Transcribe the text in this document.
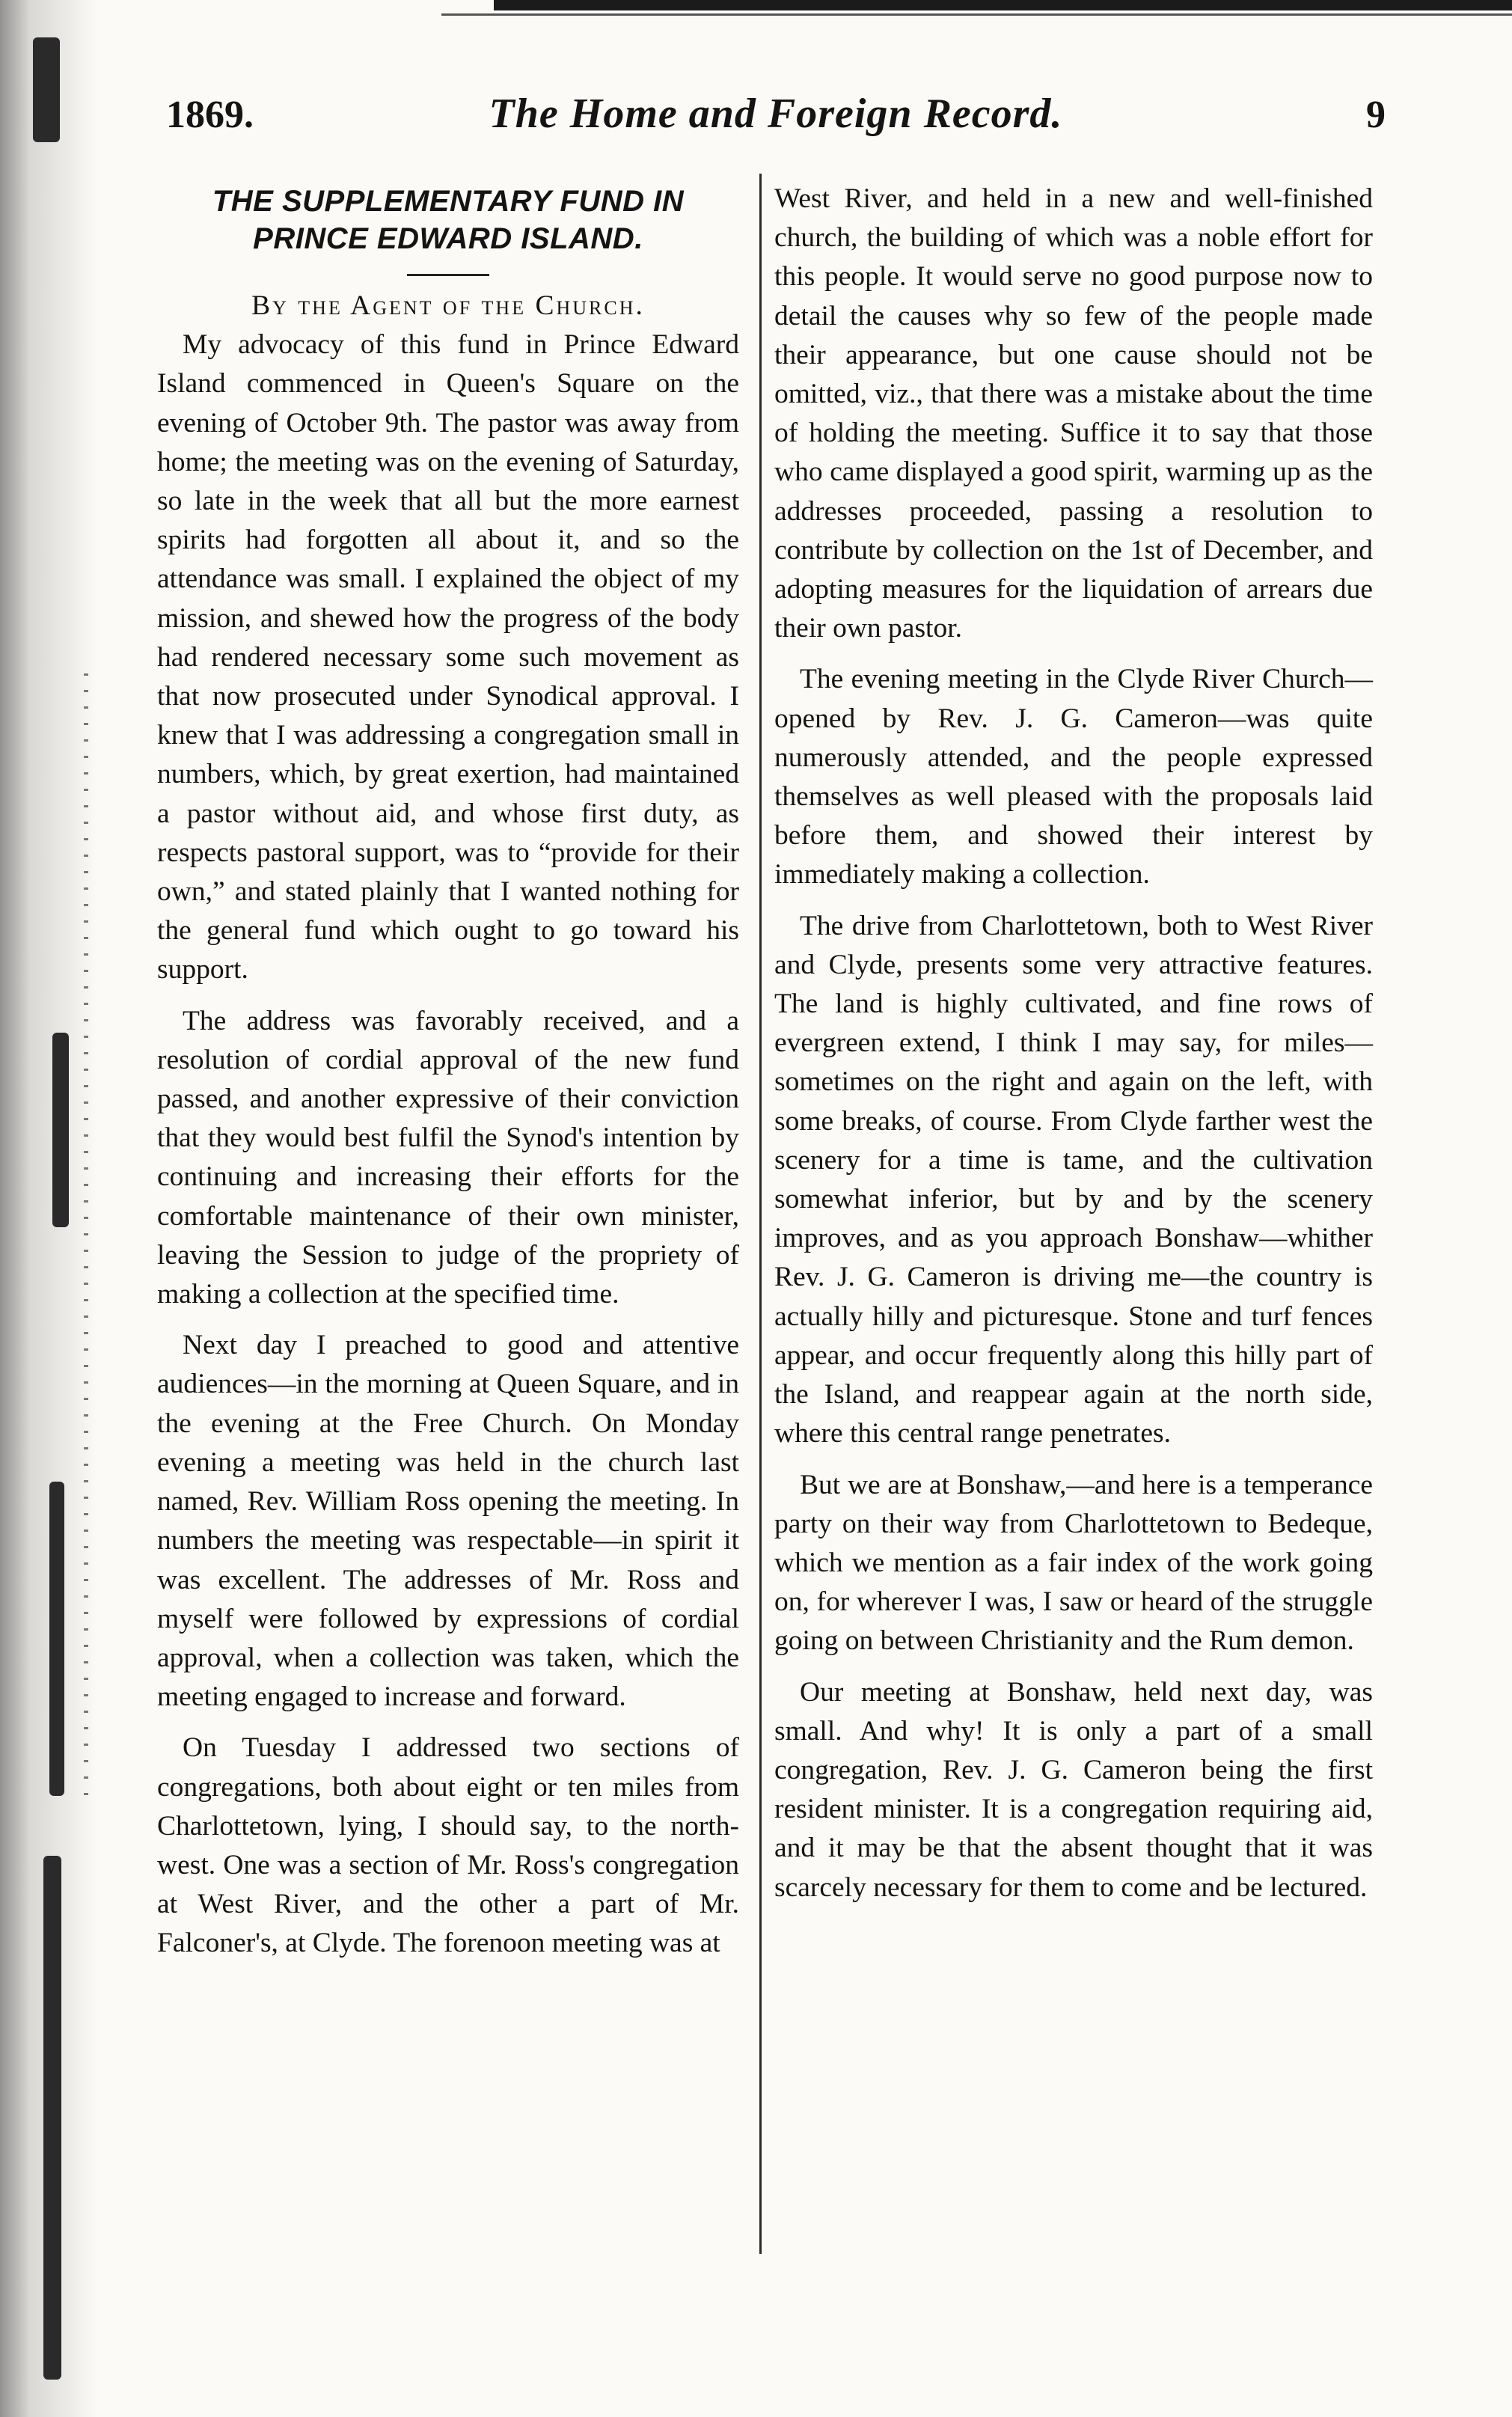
1869.	The Home and Foreign Record.	9
THE SUPPLEMENTARY FUND IN PRINCE EDWARD ISLAND.

By the Agent of the Church.

My advocacy of this fund in Prince Edward Island commenced in Queen's Square on the evening of October 9th. The pastor was away from home; the meeting was on the evening of Saturday, so late in the week that all but the more earnest spirits had forgotten all about it, and so the attendance was small. I explained the object of my mission, and shewed how the progress of the body had rendered necessary some such movement as that now prosecuted under Synodical approval. I knew that I was addressing a congregation small in numbers, which, by great exertion, had maintained a pastor without aid, and whose first duty, as respects pastoral support, was to “provide for their own,” and stated plainly that I wanted nothing for the general fund which ought to go toward his support.

The address was favorably received, and a resolution of cordial approval of the new fund passed, and another expressive of their conviction that they would best fulfil the Synod's intention by continuing and increasing their efforts for the comfortable maintenance of their own minister, leaving the Session to judge of the propriety of making a collection at the specified time.

Next day I preached to good and attentive audiences—in the morning at Queen Square, and in the evening at the Free Church. On Monday evening a meeting was held in the church last named, Rev. William Ross opening the meeting. In numbers the meeting was respectable—in spirit it was excellent. The addresses of Mr. Ross and myself were followed by expressions of cordial approval, when a collection was taken, which the meeting engaged to increase and forward.

On Tuesday I addressed two sections of congregations, both about eight or ten miles from Charlottetown, lying, I should say, to the north-west. One was a section of Mr. Ross's congregation at West River, and the other a part of Mr. Falconer's, at Clyde. The forenoon meeting was at

West River, and held in a new and well-finished church, the building of which was a noble effort for this people. It would serve no good purpose now to detail the causes why so few of the people made their appearance, but one cause should not be omitted, viz., that there was a mistake about the time of holding the meeting. Suffice it to say that those who came displayed a good spirit, warming up as the addresses proceeded, passing a resolution to contribute by collection on the 1st of December, and adopting measures for the liquidation of arrears due their own pastor.

The evening meeting in the Clyde River Church—opened by Rev. J. G. Cameron—was quite numerously attended, and the people expressed themselves as well pleased with the proposals laid before them, and showed their interest by immediately making a collection.

The drive from Charlottetown, both to West River and Clyde, presents some very attractive features. The land is highly cultivated, and fine rows of evergreen extend, I think I may say, for miles—sometimes on the right and again on the left, with some breaks, of course. From Clyde farther west the scenery for a time is tame, and the cultivation somewhat inferior, but by and by the scenery improves, and as you approach Bonshaw—whither Rev. J. G. Cameron is driving me—the country is actually hilly and picturesque. Stone and turf fences appear, and occur frequently along this hilly part of the Island, and reappear again at the north side, where this central range penetrates.

But we are at Bonshaw,—and here is a temperance party on their way from Charlottetown to Bedeque, which we mention as a fair index of the work going on, for wherever I was, I saw or heard of the struggle going on between Christianity and the Rum demon.

Our meeting at Bonshaw, held next day, was small. And why! It is only a part of a small congregation, Rev. J. G. Cameron being the first resident minister. It is a congregation requiring aid, and it may be that the absent thought that it was scarcely necessary for them to come and be lectured.
